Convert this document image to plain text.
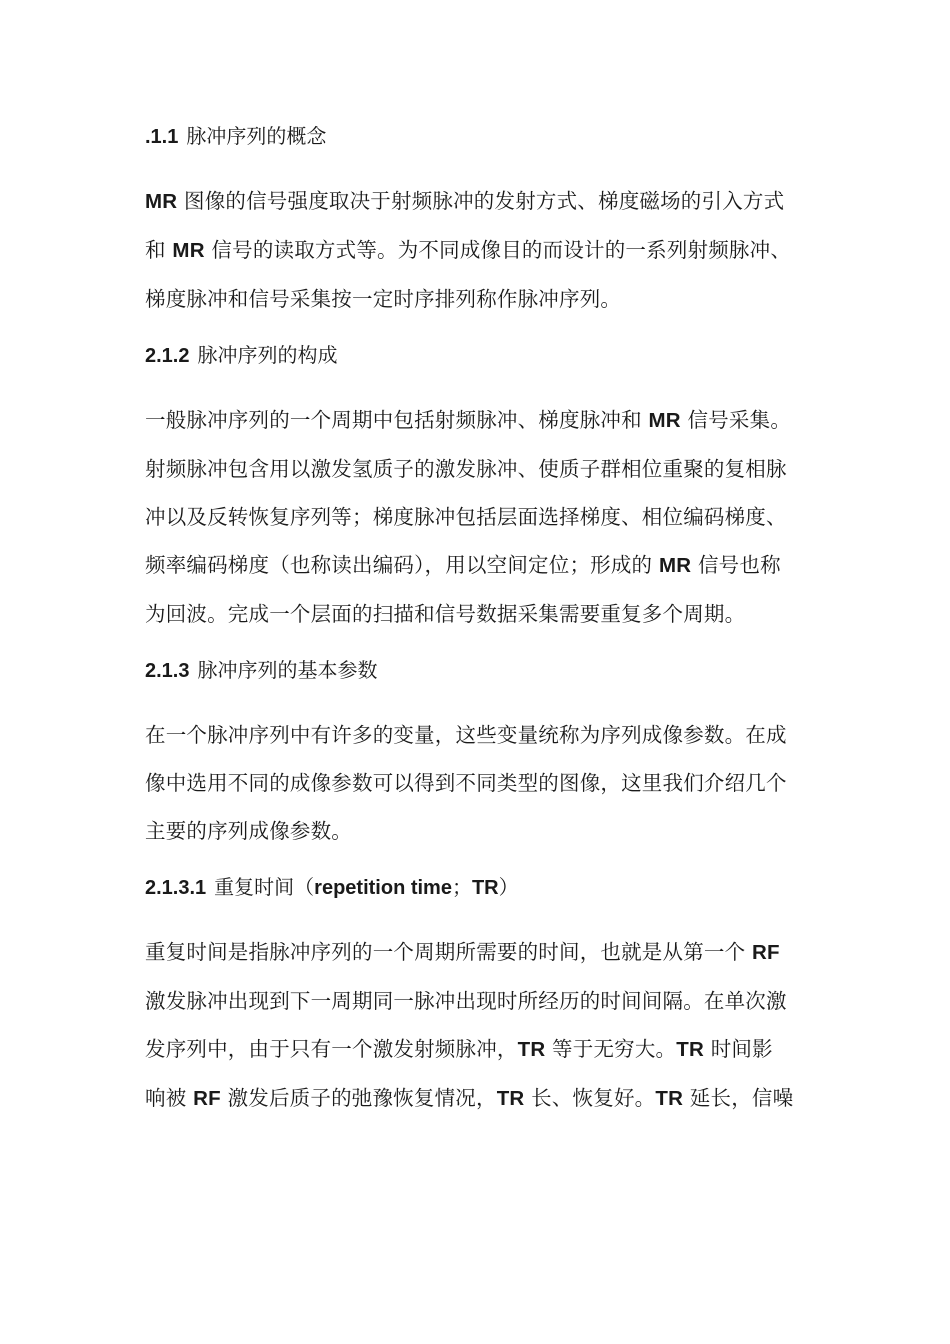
.1.1 脉冲序列的概念
MR 图像的信号强度取决于射频脉冲的发射方式、梯度磁场的引入方式
和 MR 信号的读取方式等。为不同成像目的而设计的一系列射频脉冲、
梯度脉冲和信号采集按一定时序排列称作脉冲序列。
2.1.2 脉冲序列的构成
一般脉冲序列的一个周期中包括射频脉冲、梯度脉冲和 MR 信号采集。
射频脉冲包含用以激发氢质子的激发脉冲、使质子群相位重聚的复相脉
冲以及反转恢复序列等；梯度脉冲包括层面选择梯度、相位编码梯度、
频率编码梯度（也称读出编码），用以空间定位；形成的 MR 信号也称
为回波。完成一个层面的扫描和信号数据采集需要重复多个周期。
2.1.3 脉冲序列的基本参数
在一个脉冲序列中有许多的变量，这些变量统称为序列成像参数。在成
像中选用不同的成像参数可以得到不同类型的图像，这里我们介绍几个
主要的序列成像参数。
2.1.3.1 重复时间（repetition time；TR）
重复时间是指脉冲序列的一个周期所需要的时间，也就是从第一个 RF
激发脉冲出现到下一周期同一脉冲出现时所经历的时间间隔。在单次激
发序列中，由于只有一个激发射频脉冲，TR 等于无穷大。TR 时间影
响被 RF 激发后质子的弛豫恢复情况，TR 长、恢复好。TR 延长，信噪
